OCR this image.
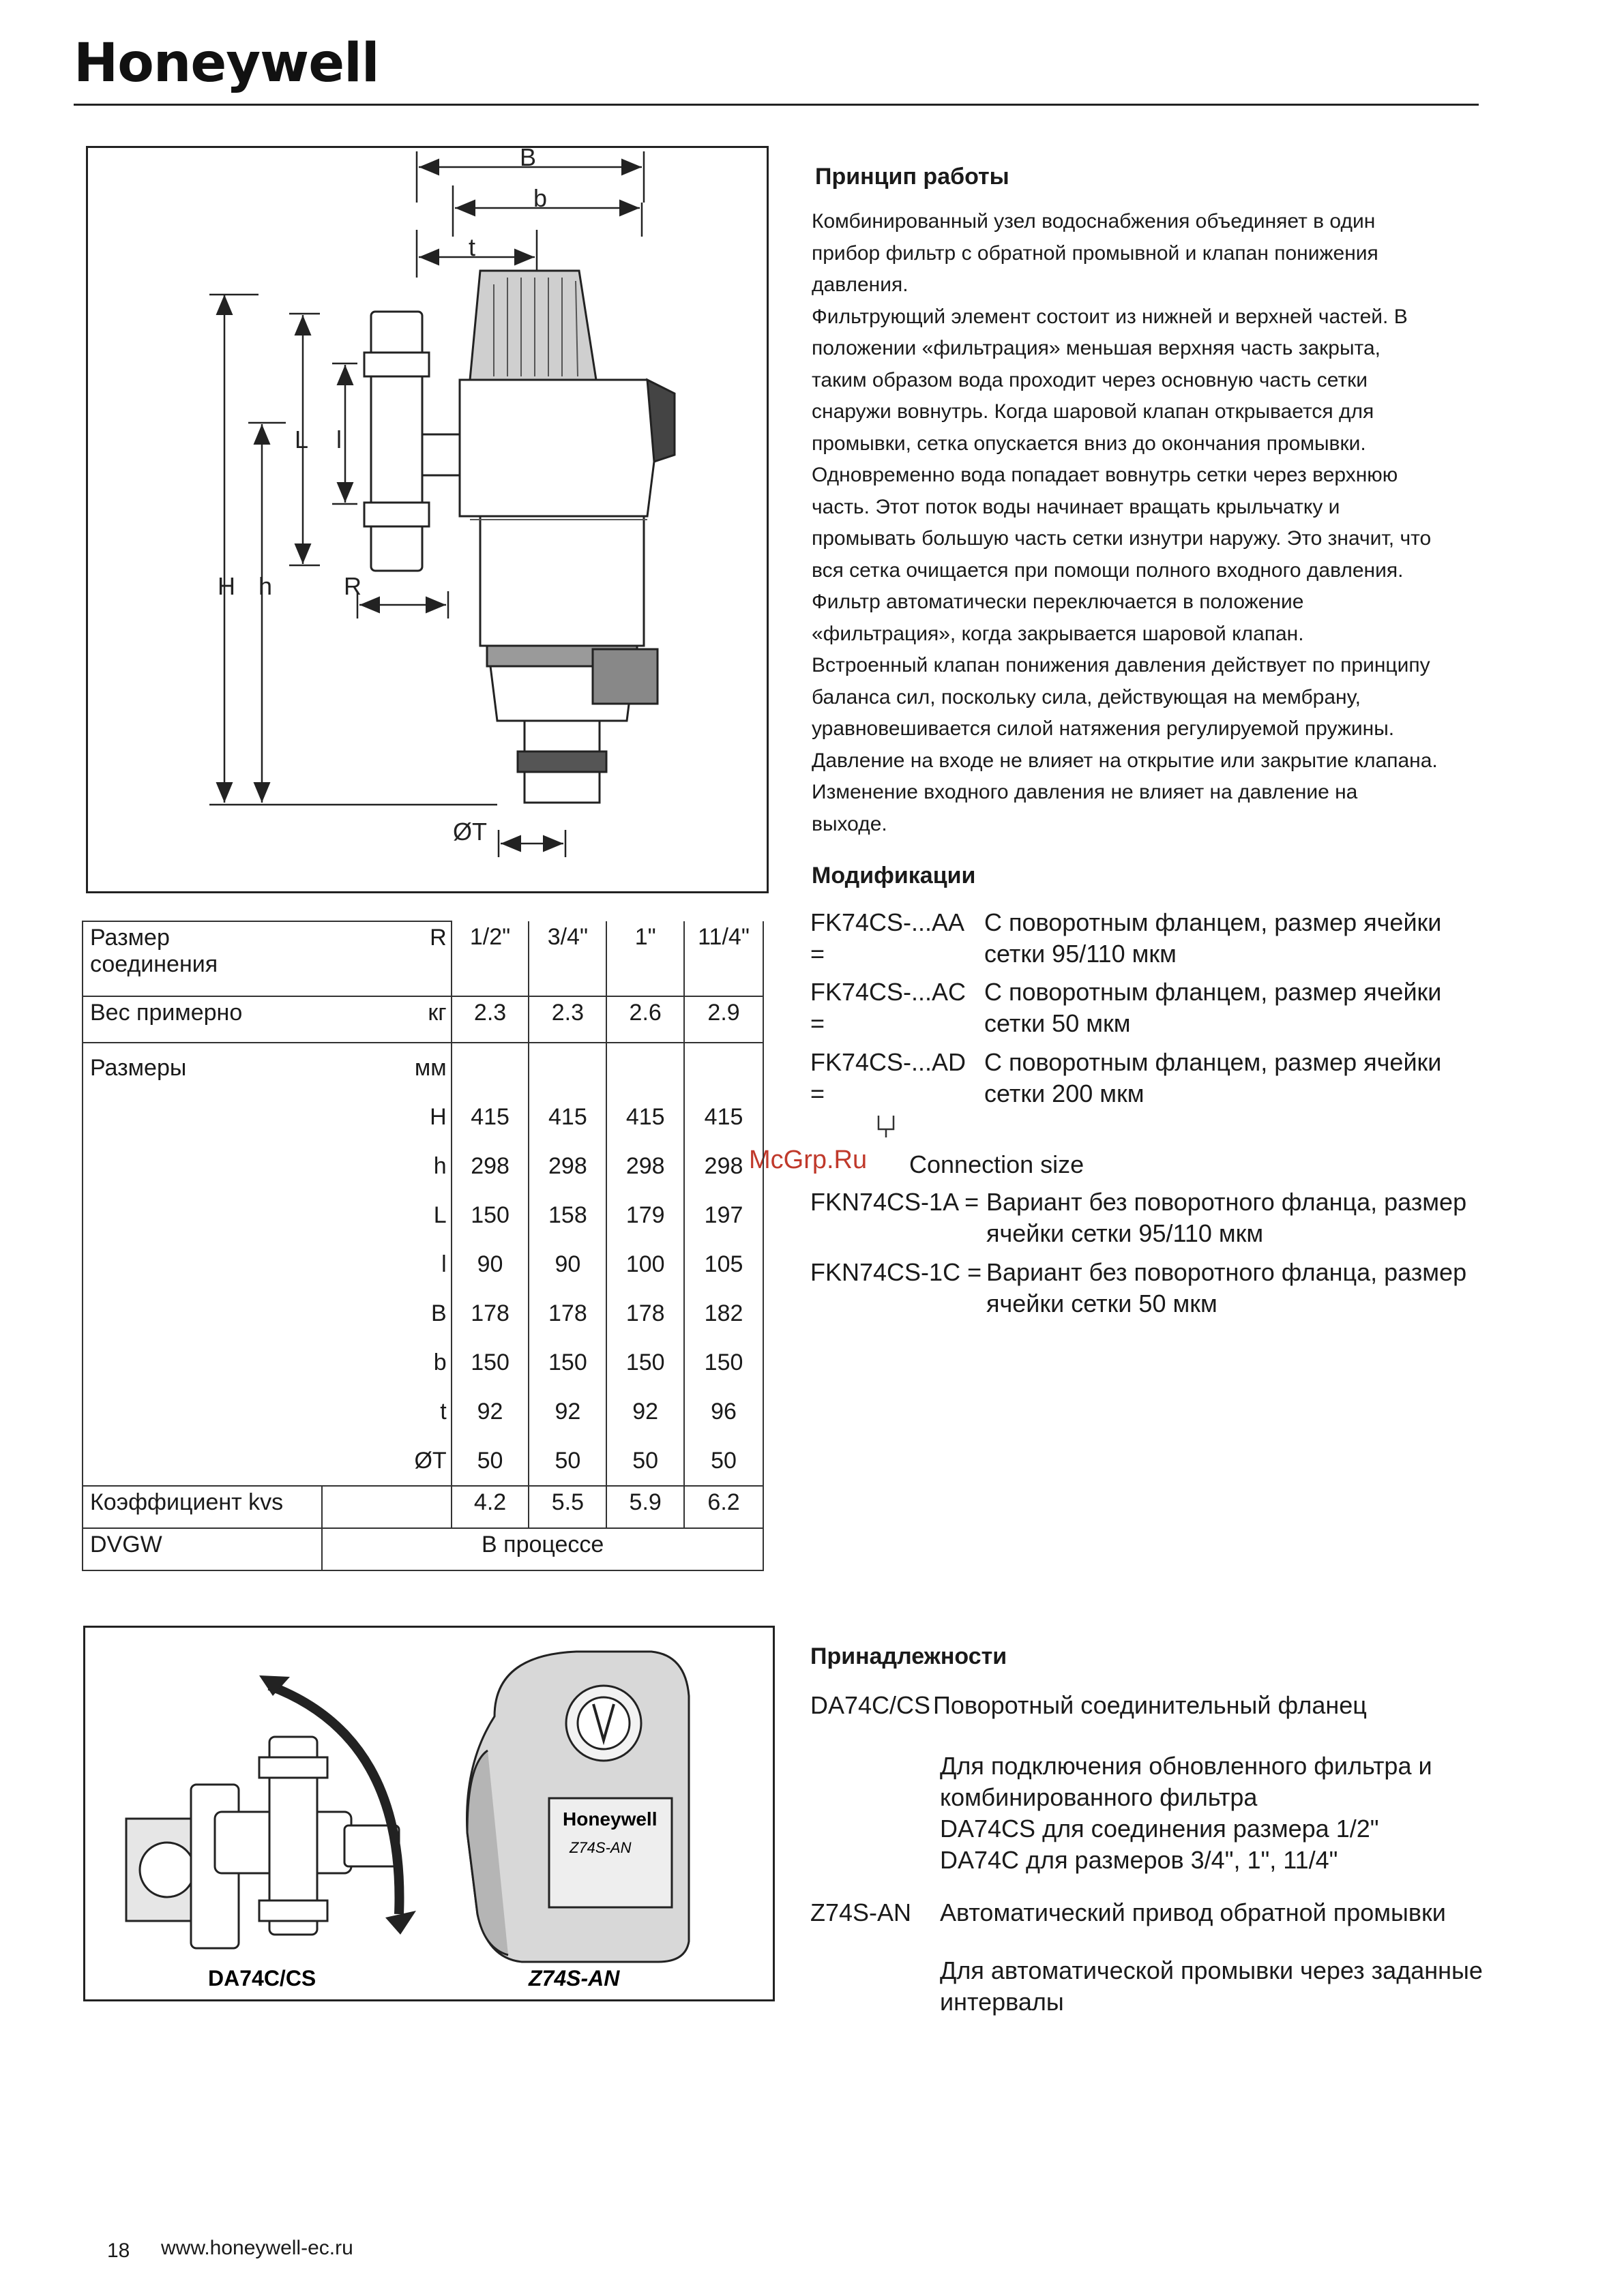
Honeywell
B
b
t
L l
H h	R
ØT
Принцип работы
Комбинированный узел водоснабжения объединяет в один
прибор фильтр с обратной промывной и клапан понижения
давления.
Фильтрующий элемент состоит из нижней и верхней частей. В
положении «фильтрация» меньшая верхняя часть закрыта,
таким образом вода проходит через основную часть сетки
снаружи вовнутрь. Когда шаровой клапан открывается для
промывки, сетка опускается вниз до окончания промывки.
Одновременно вода попадает вовнутрь сетки через верхнюю
часть. Этот поток воды начинает вращать крыльчатку и
промывать большую часть сетки изнутри наружу. Это значит, что
вся сетка очищается при помощи полного входного давления.
Фильтр автоматически переключается в положение
«фильтрация», когда закрывается шаровой клапан.
Встроенный клапан понижения давления действует по принципу
баланса сил, поскольку сила, действующая на мембрану,
уравновешивается силой натяжения регулируемой пружины.
Давление на входе не влияет на открытие или закрытие клапана.
Изменение входного давления не влияет на давление на
выходе.
Модификации
FK74CS-...AA
=
С поворотным фланцем, размер ячейки
сетки 95/110 мкм
FK74CS-...AC
=
С поворотным фланцем, размер ячейки
сетки 50 мкм
FK74CS-...AD
=
С поворотным фланцем, размер ячейки
сетки 200 мкм
McGrp.Ru Connection size
FKN74CS-1A = Вариант без поворотного фланца, размер
ячейки сетки 95/110 мкм
FKN74CS-1C = Вариант без поворотного фланца, размер
ячейки сетки 50 мкм
Размер
соединения	R	1/2"	3/4"	1"	11/4"
Вес примерно	кг	2.3	2.3	2.6	2.9
Размеры	мм				
	H	415	415	415	415
	h	298	298	298	298
	L	150	158	179	197
	l	90	90	100	105
	B	178	178	178	182
	b	150	150	150	150
	t	92	92	92	96
	ØT	50	50	50	50
Коэффициент kvs		4.2	5.5	5.9	6.2
DVGW	В процессе				
DA74C/CS
Honeywell
Z74S-AN
Z74S-AN
Принадлежности
DA74C/CS Поворотный соединительный фланец
Для подключения обновленного фильтра и
комбинированного фильтра
DA74CS для соединения размера 1/2"
DA74C для размеров 3/4", 1", 11/4"
Z74S-AN Автоматический привод обратной промывки
Для автоматической промывки через заданные
интервалы
18 www.honeywell-ec.ru
